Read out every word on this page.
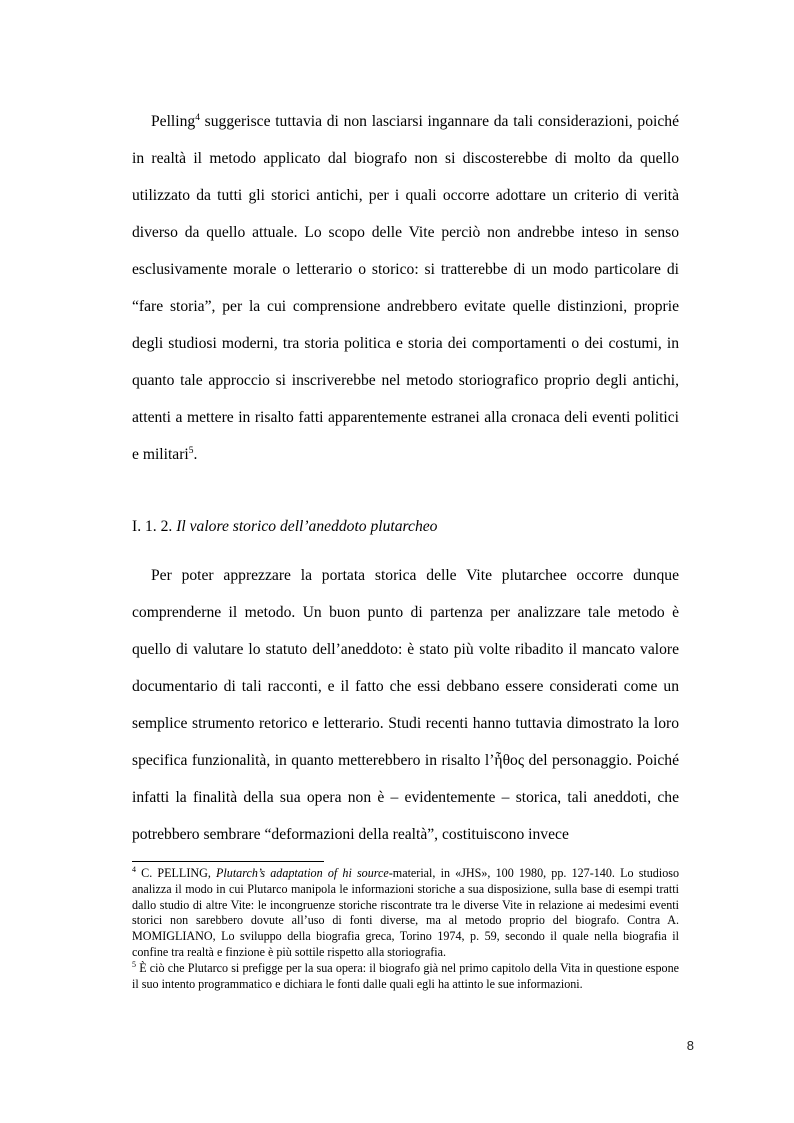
Pelling$^4$ suggerisce tuttavia di non lasciarsi ingannare da tali considerazioni, poiché in realtà il metodo applicato dal biografo non si discosterebbe di molto da quello utilizzato da tutti gli storici antichi, per i quali occorre adottare un criterio di verità diverso da quello attuale. Lo scopo delle Vite perciò non andrebbe inteso in senso esclusivamente morale o letterario o storico: si tratterebbe di un modo particolare di “fare storia”, per la cui comprensione andrebbero evitate quelle distinzioni, proprie degli studiosi moderni, tra storia politica e storia dei comportamenti o dei costumi, in quanto tale approccio si inscriverebbe nel metodo storiografico proprio degli antichi, attenti a mettere in risalto fatti apparentemente estranei alla cronaca deli eventi politici e militari$^5$.

I. 1. 2. Il valore storico dell’aneddoto plutarcheo

Per poter apprezzare la portata storica delle Vite plutarchee occorre dunque comprenderne il metodo. Un buon punto di partenza per analizzare tale metodo è quello di valutare lo statuto dell’aneddoto: è stato più volte ribadito il mancato valore documentario di tali racconti, e il fatto che essi debbano essere considerati come un semplice strumento retorico e letterario. Studi recenti hanno tuttavia dimostrato la loro specifica funzionalità, in quanto metterebbero in risalto l’ἦθος del personaggio. Poiché infatti la finalità della sua opera non è – evidentemente – storica, tali aneddoti, che potrebbero sembrare “deformazioni della realtà”, costituiscono invece

$^4$ C. PELLING, Plutarch’s adaptation of hi source-material, in «JHS», 100 1980, pp. 127-140. Lo studioso analizza il modo in cui Plutarco manipola le informazioni storiche a sua disposizione, sulla base di esempi tratti dallo studio di altre Vite: le incongruenze storiche riscontrate tra le diverse Vite in relazione ai medesimi eventi storici non sarebbero dovute all’uso di fonti diverse, ma al metodo proprio del biografo. Contra A. MOMIGLIANO, Lo sviluppo della biografia greca, Torino 1974, p. 59, secondo il quale nella biografia il confine tra realtà e finzione è più sottile rispetto alla storiografia.

$^5$ È ciò che Plutarco si prefigge per la sua opera: il biografo già nel primo capitolo della Vita in questione espone il suo intento programmatico e dichiara le fonti dalle quali egli ha attinto le sue informazioni.

8
